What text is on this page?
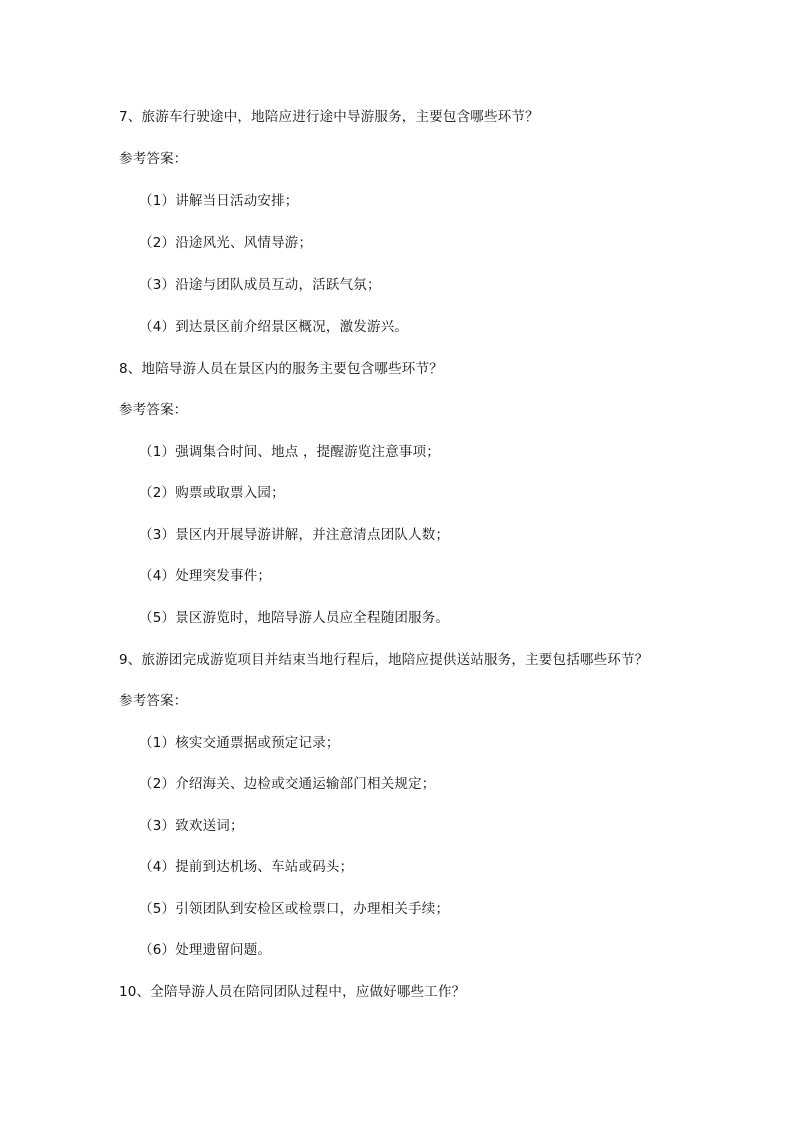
7、旅游车行驶途中，地陪应进行途中导游服务，主要包含哪些环节？
参考答案：
（1）讲解当日活动安排；
（2）沿途风光、风情导游；
（3）沿途与团队成员互动，活跃气氛；
（4）到达景区前介绍景区概况，激发游兴。
8、地陪导游人员在景区内的服务主要包含哪些环节？
参考答案：
（1）强调集合时间、地点 ，提醒游览注意事项；
（2）购票或取票入园；
（3）景区内开展导游讲解，并注意清点团队人数；
（4）处理突发事件；
（5）景区游览时，地陪导游人员应全程随团服务。
9、旅游团完成游览项目并结束当地行程后，地陪应提供送站服务，主要包括哪些环节？
参考答案：
（1）核实交通票据或预定记录；
（2）介绍海关、边检或交通运输部门相关规定；
（3）致欢送词；
（4）提前到达机场、车站或码头；
（5）引领团队到安检区或检票口，办理相关手续；
（6）处理遗留问题。
10、全陪导游人员在陪同团队过程中，应做好哪些工作？
